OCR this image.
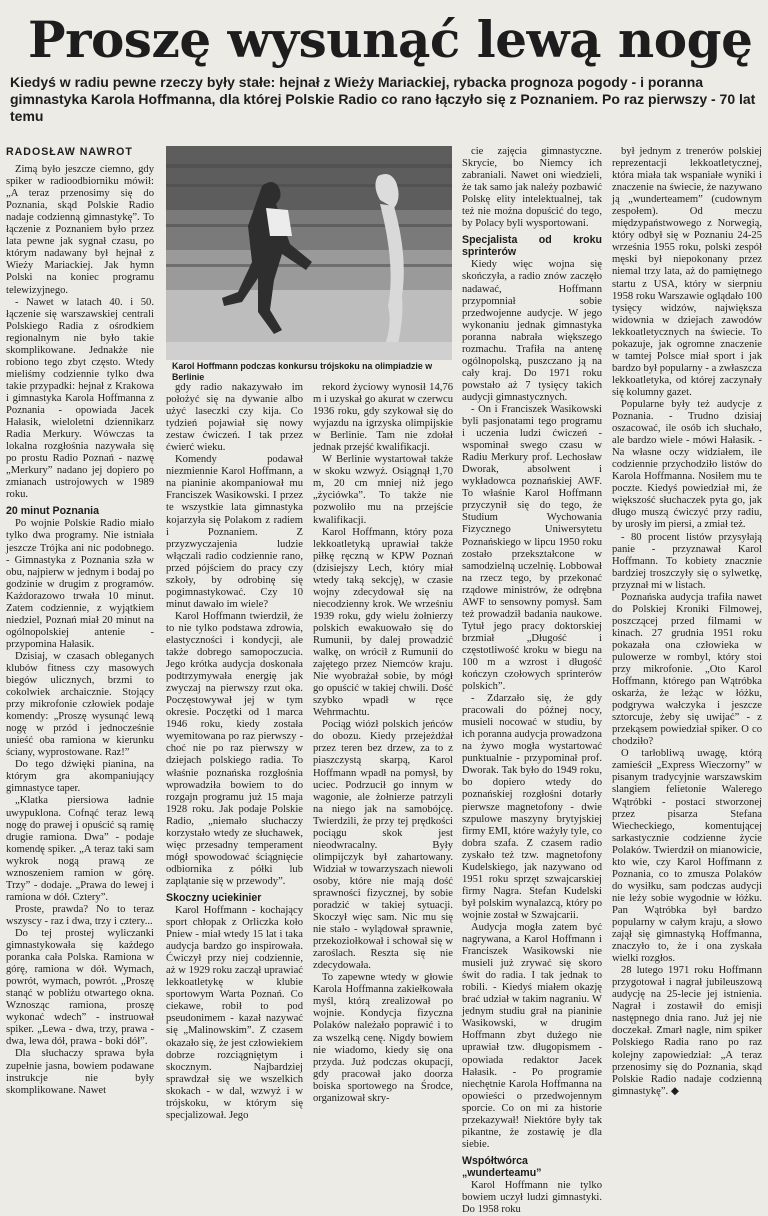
Proszę wysunąć lewą nogę
Kiedyś w radiu pewne rzeczy były stałe: hejnał z Wieży Mariackiej, rybacka prognoza pogody - i poranna gimnastyka Karola Hoffmanna, dla której Polskie Radio co rano łączyło się z Poznaniem. Po raz pierwszy - 70 lat temu
RADOSŁAW NAWROT

Zimą było jeszcze ciemno, gdy spiker w radioodbiorniku mówił: „A teraz przenosimy się do Poznania, skąd Polskie Radio nadaje codzienną gimnastykę”. To łączenie z Poznaniem było przez lata pewne jak sygnał czasu, po którym nadawany był hejnał z Wieży Mariackiej. Jak hymn Polski na koniec programu telewizyjnego.

- Nawet w latach 40. i 50. łączenie się warszawskiej centrali Polskiego Radia z ośrodkiem regionalnym nie było takie skomplikowane. Jednakże nie robiono tego zbyt często. Wtedy mieliśmy codziennie tylko dwa takie przypadki: hejnał z Krakowa i gimnastyka Karola Hoffmanna z Poznania - opowiada Jacek Hałasik, wieloletni dziennikarz Radia Merkury. Wówczas ta lokalna rozgłośnia nazywała się po prostu Radio Poznań - nazwę „Merkury” nadano jej dopiero po zmianach ustrojowych w 1989 roku.

20 minut Poznania

Po wojnie Polskie Radio miało tylko dwa programy. Nie istniała jeszcze Trójka ani nic podobnego. - Gimnastyka z Poznania szła w obu, najpierw w jednym i bodaj po godzinie w drugim z programów. Każdorazowo trwała 10 minut. Zatem codziennie, z wyjątkiem niedziel, Poznań miał 20 minut na ogólnopolskiej antenie - przypomina Hałasik.

Dzisiaj, w czasach obleganych klubów fitness czy masowych biegów ulicznych, brzmi to cokolwiek archaicznie. Stojący przy mikrofonie człowiek podaje komendy: „Proszę wysunąć lewą nogę w przód i jednocześnie unieść oba ramiona w kierunku ściany, wyprostowane. Raz!”

Do tego dźwięki pianina, na którym gra akompaniujący gimnastyce taper.

„Klatka piersiowa ładnie uwypuklona. Cofnąć teraz lewą nogę do prawej i opuścić są ramię drugie ramiona. Dwa” - podaje komendę spiker. „A teraz taki sam wykrok nogą prawą ze wznoszeniem ramion w górę. Trzy” - dodaje. „Prawa do lewej i ramiona w dół. Cztery”.

Proste, prawda? No to teraz wszyscy - raz i dwa, trzy i cztery...

Do tej prostej wyliczanki gimnastykowała się każdego poranka cała Polska. Ramiona w górę, ramiona w dół. Wymach, powrót, wymach, powrót. „Proszę stanąć w pobliżu otwartego okna. Wznosząc ramiona, proszę wykonać wdech” - instruował spiker. „Lewa - dwa, trzy, prawa - dwa, lewa dół, prawa - boki dół”.

Dla słuchaczy sprawa była zupełnie jasna, bowiem podawane instrukcje nie były skomplikowane. Nawet

Karol Hoffmann podczas konkursu trójskoku na olimpiadzie w Berlinie

gdy radio nakazywało im położyć się na dywanie albo użyć laseczki czy kija. Co tydzień pojawiał się nowy zestaw ćwiczeń. I tak przez ćwierć wieku.

Komendy podawał niezmiennie Karol Hoffmann, a na pianinie akompaniował mu Franciszek Wasikowski. I przez te wszystkie lata gimnastyka kojarzyła się Polakom z radiem i Poznaniem. Z przyzwyczajenia ludzie włączali radio codziennie rano, przed pójściem do pracy czy szkoły, by odrobinę się pogimnastykować. Czy 10 minut dawało im wiele?

Karol Hoffmann twierdził, że to nie tylko podstawa zdrowia, elastyczności i kondycji, ale także dobrego samopoczucia. Jego krótka audycja doskonała podtrzymywała energię jak zwyczaj na pierwszy rzut oka. Poczęstowywał jej w tym okresie. Poczętki od 1 marca 1946 roku, kiedy została wyemitowana po raz pierwszy - choć nie po raz pierwszy w dziejach polskiego radia. To właśnie poznańska rozgłośnia wprowadziła bowiem to do rozgajn programu już 15 maja 1928 roku. Jak podaje Polskie Radio, „niemało słuchaczy korzystało wtedy ze słuchawek, więc przesadny temperament mógł spowodować ściągnięcie odbiornika z półki lub zaplątanie się w przewody”.

Skoczny uciekinier

Karol Hoffmann - kochający sport chłopak z Orliczka koło Pniew - miał wtedy 15 lat i taka audycja bardzo go inspirowała. Ćwiczył przy niej codziennie, aż w 1929 roku zaczął uprawiać lekkoatletykę w klubie sportowym Warta Poznań. Co ciekawe, robił to pod pseudonimem - kazał nazywać się „Malinowskim”. Z czasem okazało się, że jest człowiekiem dobrze rozciągniętym i skocznym. Najbardziej sprawdzał się we wszelkich skokach - w dal, wzwyż i w trójskoku, w którym się specjalizował. Jego

rekord życiowy wynosił 14,76 m i uzyskał go akurat w czerwcu 1936 roku, gdy szykował się do wyjazdu na igrzyska olimpijskie w Berlinie. Tam nie zdołał jednak przejść kwalifikacji.

W Berlinie wystartował także w skoku wzwyż. Osiągnął 1,70 m, 20 cm mniej niż jego „życiówka”. To także nie pozwoliło mu na przejście kwalifikacji.

Karol Hoffmann, który poza lekkoatletyką uprawiał także piłkę ręczną w KPW Poznań (dzisiejszy Lech, który miał wtedy taką sekcję), w czasie wojny zdecydował się na niecodzienny krok. We wrześniu 1939 roku, gdy wielu żołnierzy polskich ewakuowało się do Rumunii, by dalej prowadzić walkę, on wrócił z Rumunii do zajętego przez Niemców kraju. Nie wyobrażał sobie, by mógł go opuścić w takiej chwili. Dość szybko wpadł w ręce Wehrmachtu.

Pociąg wiózł polskich jeńców do obozu. Kiedy przejeżdżał przez teren bez drzew, za to z piaszczystą skarpą, Karol Hoffmann wpadł na pomysł, by uciec. Podrzucił go innym w wagonie, ale żołnierze patrzyli na niego jak na samobójcę. Twierdzili, że przy tej prędkości pociągu skok jest nieodwracalny. Były olimpijczyk był zahartowany. Widział w towarzyszach niewoli osoby, które nie mają dość sprawności fizycznej, by sobie poradzić w takiej sytuacji. Skoczył więc sam. Nic mu się nie stało - wylądował sprawnie, przekoziołkował i schował się w zaroślach. Reszta się nie zdecydowała.

To zapewne wtedy w głowie Karola Hoffmanna zakiełkowała myśl, którą zrealizował po wojnie. Kondycja fizyczna Polaków należało poprawić i to za wszelką cenę. Nigdy bowiem nie wiadomo, kiedy się ona przyda. Już podczas okupacji, gdy pracował jako doorza boiska sportowego na Środce, organizował skry-

cie zajęcia gimnastyczne. Skrycie, bo Niemcy ich zabraniali. Nawet oni wiedzieli, że tak samo jak należy pozbawić Polskę elity intelektualnej, tak też nie można dopuścić do tego, by Polacy byli wysportowani.

Specjalista od kroku sprinterów

Kiedy więc wojna się skończyła, a radio znów zaczęło nadawać, Hoffmann przypomniał sobie przedwojenne audycje. W jego wykonaniu jednak gimnastyka poranna nabrała większego rozmachu. Trafiła na antenę ogólnopolską, puszczano ją na cały kraj. Do 1971 roku powstało aż 7 tysięcy takich audycji gimnastycznych.

- On i Franciszek Wasikowski byli pasjonatami tego programu i uczenia ludzi ćwiczeń - wspominał swego czasu w Radiu Merkury prof. Lechosław Dworak, absolwent i wykładowca poznańskiej AWF. To właśnie Karol Hoffmann przyczynił się do tego, że Studium Wychowania Fizycznego Uniwersytetu Poznańskiego w lipcu 1950 roku zostało przekształcone w samodzielną uczelnię. Lobbował na rzecz tego, by przekonać rządowe ministrów, że odrębna AWF to sensowny pomysł. Sam też prowadził badania naukowe. Tytuł jego pracy doktorskiej brzmiał „Długość i częstotliwość kroku w biegu na 100 m a wzrost i długość kończyn czołowych sprinterów polskich”.

- Zdarzało się, że gdy pracowali do późnej nocy, musieli nocować w studiu, by ich poranna audycja prowadzona na żywo mogła wystartować punktualnie - przypominał prof. Dworak. Tak było do 1949 roku, bo dopiero wtedy do poznańskiej rozgłośni dotarły pierwsze magnetofony - dwie szpulowe maszyny brytyjskiej firmy EMI, które ważyły tyle, co dobra szafa. Z czasem radio zyskało też tzw. magnetofony Kudelskiego, jak nazywano od 1951 roku sprzęt szwajcarskiej firmy Nagra. Stefan Kudelski był polskim wynalazcą, który po wojnie został w Szwajcarii.

Audycja mogła zatem być nagrywana, a Karol Hoffmann i Franciszek Wasikowski nie musieli już zrywać się skoro świt do radia. I tak jednak to robili. - Kiedyś miałem okazję brać udział w takim nagraniu. W jednym studiu grał na pianinie Wasikowski, w drugim Hoffmann zbyt dużego nie uprawiał tzw. długopismem - opowiada redaktor Jacek Hałasik. - Po programie niechętnie Karola Hoffmanna na opowieści o przedwojennym sporcie. Co on mi za historie przekazywał! Niektóre były tak pikantne, że zostawię je dla siebie.

Współtwórca „wunderteamu”

Karol Hoffmann nie tylko bowiem uczył ludzi gimnastyki. Do 1958 roku

był jednym z trenerów polskiej reprezentacji lekkoatletycznej, która miała tak wspaniałe wyniki i znaczenie na świecie, że nazywano ją „wunderteamem” (cudownym zespołem). Od meczu międzypaństwowego z Norwegią, który odbył się w Poznaniu 24-25 września 1955 roku, polski zespół męski był niepokonany przez niemal trzy lata, aż do pamiętnego startu z USA, który w sierpniu 1958 roku Warszawie oglądało 100 tysięcy widzów, największa widownia w dziejach zawodów lekkoatletycznych na świecie. To pokazuje, jak ogromne znaczenie w tamtej Polsce miał sport i jak bardzo był popularny - a zwłaszcza lekkoatletyka, od której zaczynały się kolumny gazet.

Popularne były też audycje z Poznania. - Trudno dzisiaj oszacować, ile osób ich słuchało, ale bardzo wiele - mówi Hałasik. - Na własne oczy widziałem, ile codziennie przychodziło listów do Karola Hoffmanna. Nosiłem mu te poczte. Kiedyś powiedział mi, że większość słuchaczek pyta go, jak długo muszą ćwiczyć przy radiu, by urosły im piersi, a zmiał też.

- 80 procent listów przysyłają panie - przyznawał Karol Hoffmann. To kobiety znacznie bardziej troszczyły się o sylwetkę, przyznał mi w listach.

Poznańska audycja trafiła nawet do Polskiej Kroniki Filmowej, poszczącej przed filmami w kinach. 27 grudnia 1951 roku pokazała ona człowieka w pulowerze w rombyl, który stoi przy mikrofonie. „Oto Karol Hoffmann, którego pan Wątróbka oskarża, że leżąc w łóżku, podgrywa wałczyka i jeszcze sztorcuje, żeby się uwijać” - z przekąsem powiedział spiker. O co chodziło?

O tarłobliwą uwagę, którą zamieścił „Express Wieczorny” w pisanym tradycyjnie warszawskim slangiem felietonie Walerego Wątróbki - postaci stworzonej przez pisarza Stefana Wiecheckiego, komentującej sarkastycznie codzienne życie Polaków. Twierdził on mianowicie, kto wie, czy Karol Hoffmann z Poznania, co to zmusza Polaków do wysiłku, sam podczas audycji nie leży sobie wygodnie w łóżku. Pan Wątróbka był bardzo popularny w całym kraju, a słowo zajął się gimnastyką Hoffmanna, znaczyło to, że i ona zyskała wielki rozgłos.

28 lutego 1971 roku Hoffmann przygotował i nagrał jubileuszową audycję na 25-lecie jej istnienia. Nagrał i zostawił do emisji następnego dnia rano. Już jej nie doczekał. Zmarł nagle, nim spiker Polskiego Radia rano po raz kolejny zapowiedział: „A teraz przenosimy się do Poznania, skąd Polskie Radio nadaje codzienną gimnastykę”. ◆
